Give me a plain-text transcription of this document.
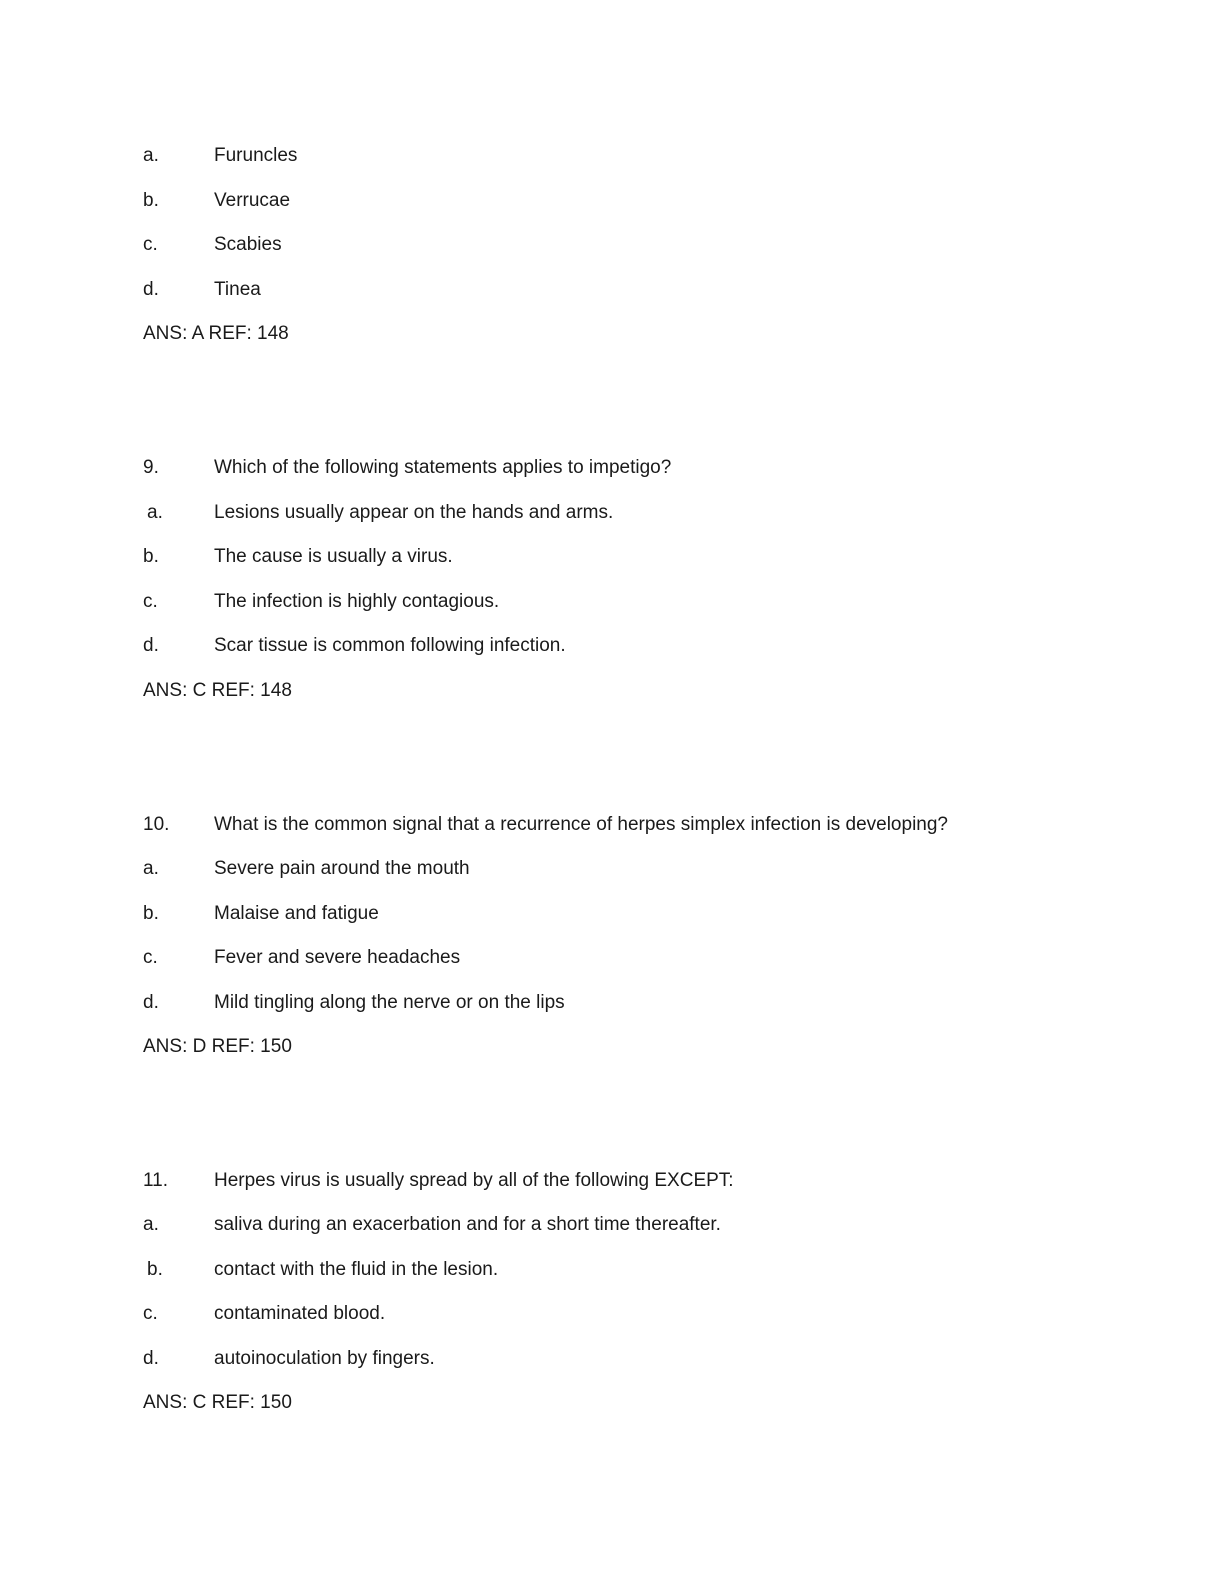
a.	Furuncles
b.	Verrucae
c.	Scabies
d.	Tinea
ANS: A REF: 148
9.	Which of the following statements applies to impetigo?
a.	Lesions usually appear on the hands and arms.
b.	The cause is usually a virus.
c.	The infection is highly contagious.
d.	Scar tissue is common following infection.
ANS: C REF: 148
10. What is the common signal that a recurrence of herpes simplex infection is developing?
a.	Severe pain around the mouth
b.	Malaise and fatigue
c.	Fever and severe headaches
d.	Mild tingling along the nerve or on the lips
ANS: D REF: 150
11. Herpes virus is usually spread by all of the following EXCEPT:
a.	saliva during an exacerbation and for a short time thereafter.
b.	contact with the fluid in the lesion.
c.	contaminated blood.
d.	autoinoculation by fingers.
ANS: C REF: 150
